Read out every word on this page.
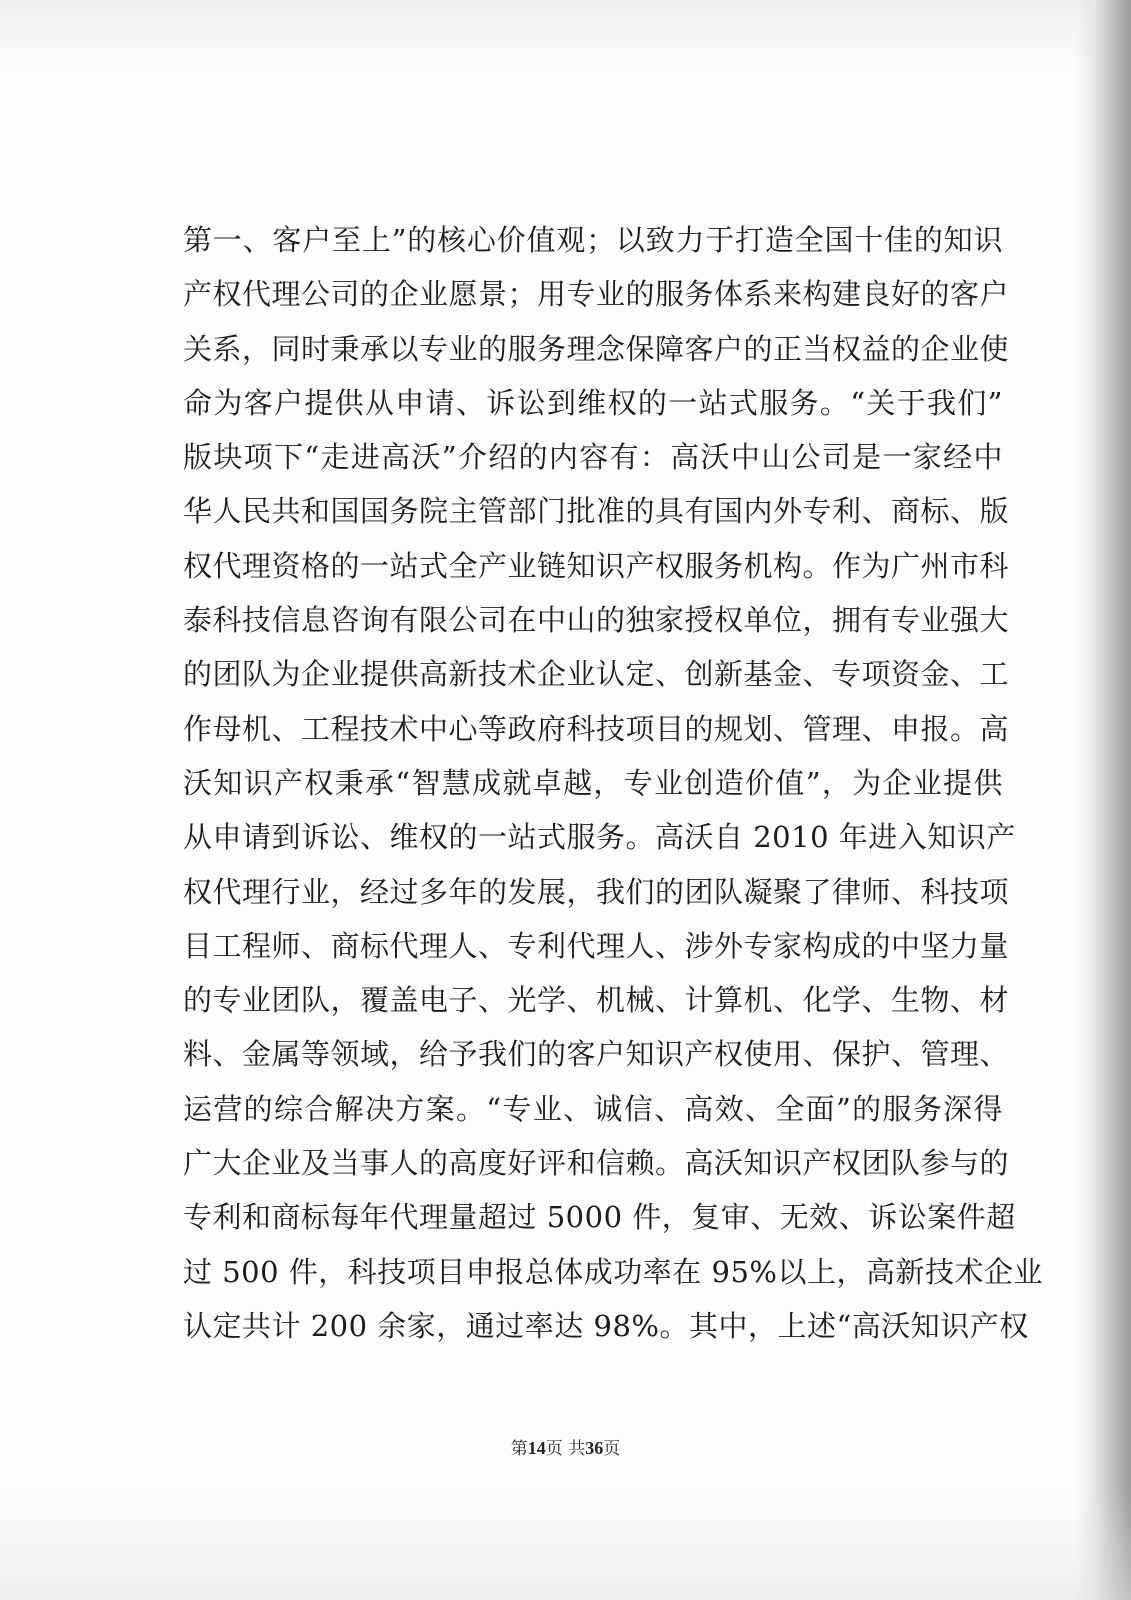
第一、客户至上”的核心价值观；以致力于打造全国十佳的知识
产权代理公司的企业愿景；用专业的服务体系来构建良好的客户
关系，同时秉承以专业的服务理念保障客户的正当权益的企业使
命为客户提供从申请、诉讼到维权的一站式服务。“关于我们”
版块项下“走进高沃”介绍的内容有：高沃中山公司是一家经中
华人民共和国国务院主管部门批准的具有国内外专利、商标、版
权代理资格的一站式全产业链知识产权服务机构。作为广州市科
泰科技信息咨询有限公司在中山的独家授权单位，拥有专业强大
的团队为企业提供高新技术企业认定、创新基金、专项资金、工
作母机、工程技术中心等政府科技项目的规划、管理、申报。高
沃知识产权秉承“智慧成就卓越，专业创造价值”，为企业提供
从申请到诉讼、维权的一站式服务。高沃自 2010 年进入知识产
权代理行业，经过多年的发展，我们的团队凝聚了律师、科技项
目工程师、商标代理人、专利代理人、涉外专家构成的中坚力量
的专业团队，覆盖电子、光学、机械、计算机、化学、生物、材
料、金属等领域，给予我们的客户知识产权使用、保护、管理、
运营的综合解决方案。“专业、诚信、高效、全面”的服务深得
广大企业及当事人的高度好评和信赖。高沃知识产权团队参与的
专利和商标每年代理量超过 5000 件，复审、无效、诉讼案件超
过 500 件，科技项目申报总体成功率在 95%以上，高新技术企业
认定共计 200 余家，通过率达 98%。其中，上述“高沃知识产权
第14页 共36页
